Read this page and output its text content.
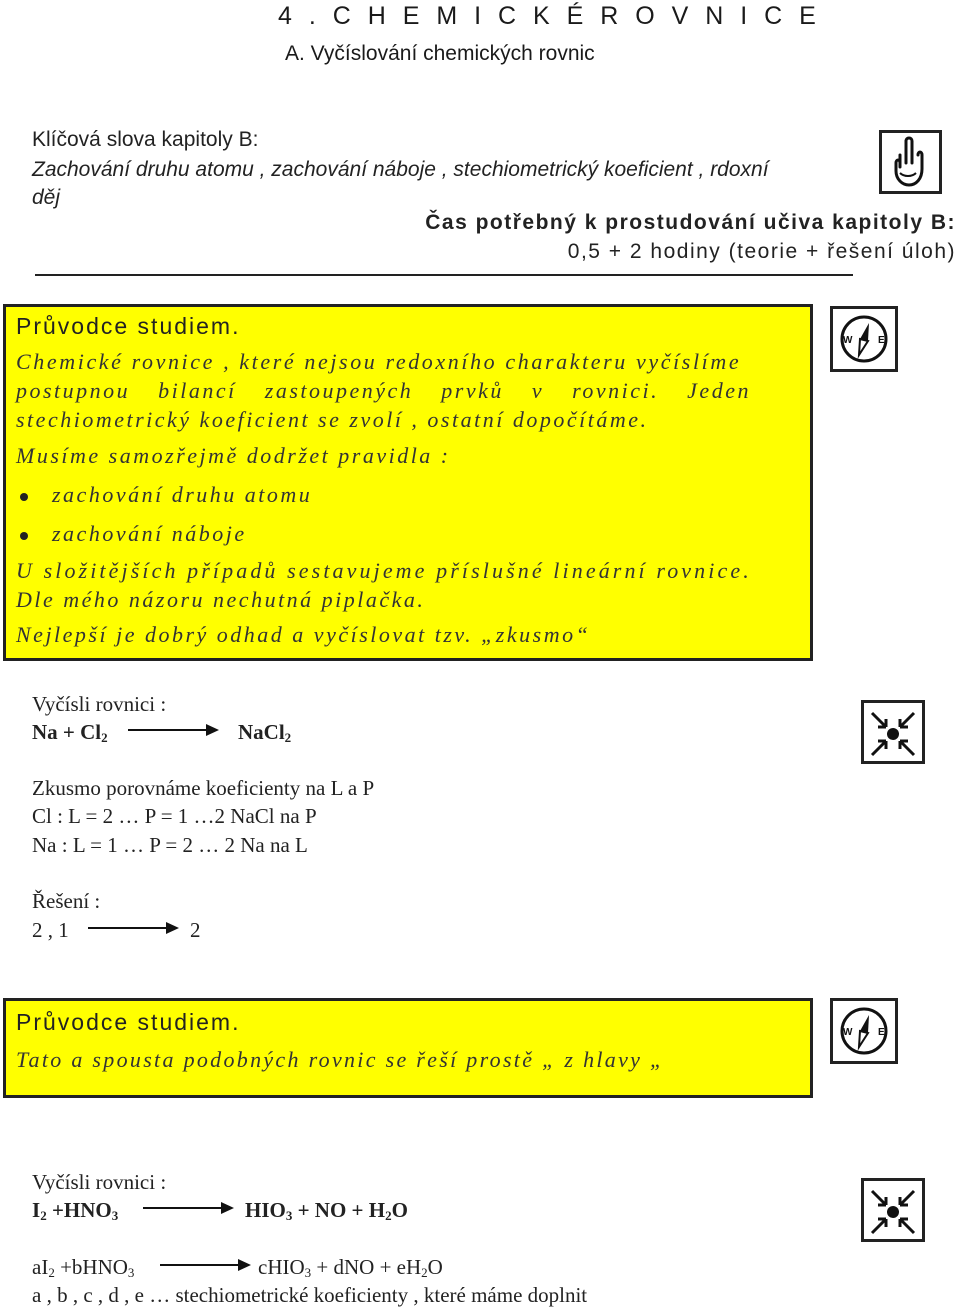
4 . C H E M I C K É R O V N I C E
A. Vyčíslování chemických rovnic
Klíčová slova kapitoly B:
Zachování druhu atomu , zachování náboje , stechiometrický koeficient , rdoxní děj
Čas potřebný k prostudování učiva kapitoly B:
0,5 + 2 hodiny (teorie + řešení úloh)
Průvodce studiem.
Chemické rovnice , které nejsou redoxního charakteru vyčíslíme
postupnou bilancí zastoupených prvků v rovnici. Jeden
stechiometrický koeficient se zvolí , ostatní dopočítáme.
Musíme samozřejmě dodržet pravidla :
zachování druhu atomu
zachování náboje
U složitějších případů sestavujeme příslušné lineární rovnice.
Dle mého názoru nechutná piplačka.
Nejlepší je dobrý odhad a vyčíslovat tzv. „zkusmo“
W	E
Vyčísli rovnici :
$Na + Cl_2$	NaCl$_2$
Zkusmo porovnáme koeficienty na L a P
Cl : L = 2 … P = 1 …2 NaCl na P
Na : L = 1 … P = 2 … 2 Na na L
Řešení :
2 , 1	2
Průvodce studiem.
Tato a spousta podobných rovnic se řeší prostě „ z hlavy „
W	E
Vyčísli rovnici :
$I_2 +HNO_3$	$HIO_3$ + NO + $H_2O$
$aI_2$ +bHNO$_3$	cHIO$_3$ + dNO + $eH_2O$
a , b , c , d , e … stechiometrické koeficienty , které máme doplnit
